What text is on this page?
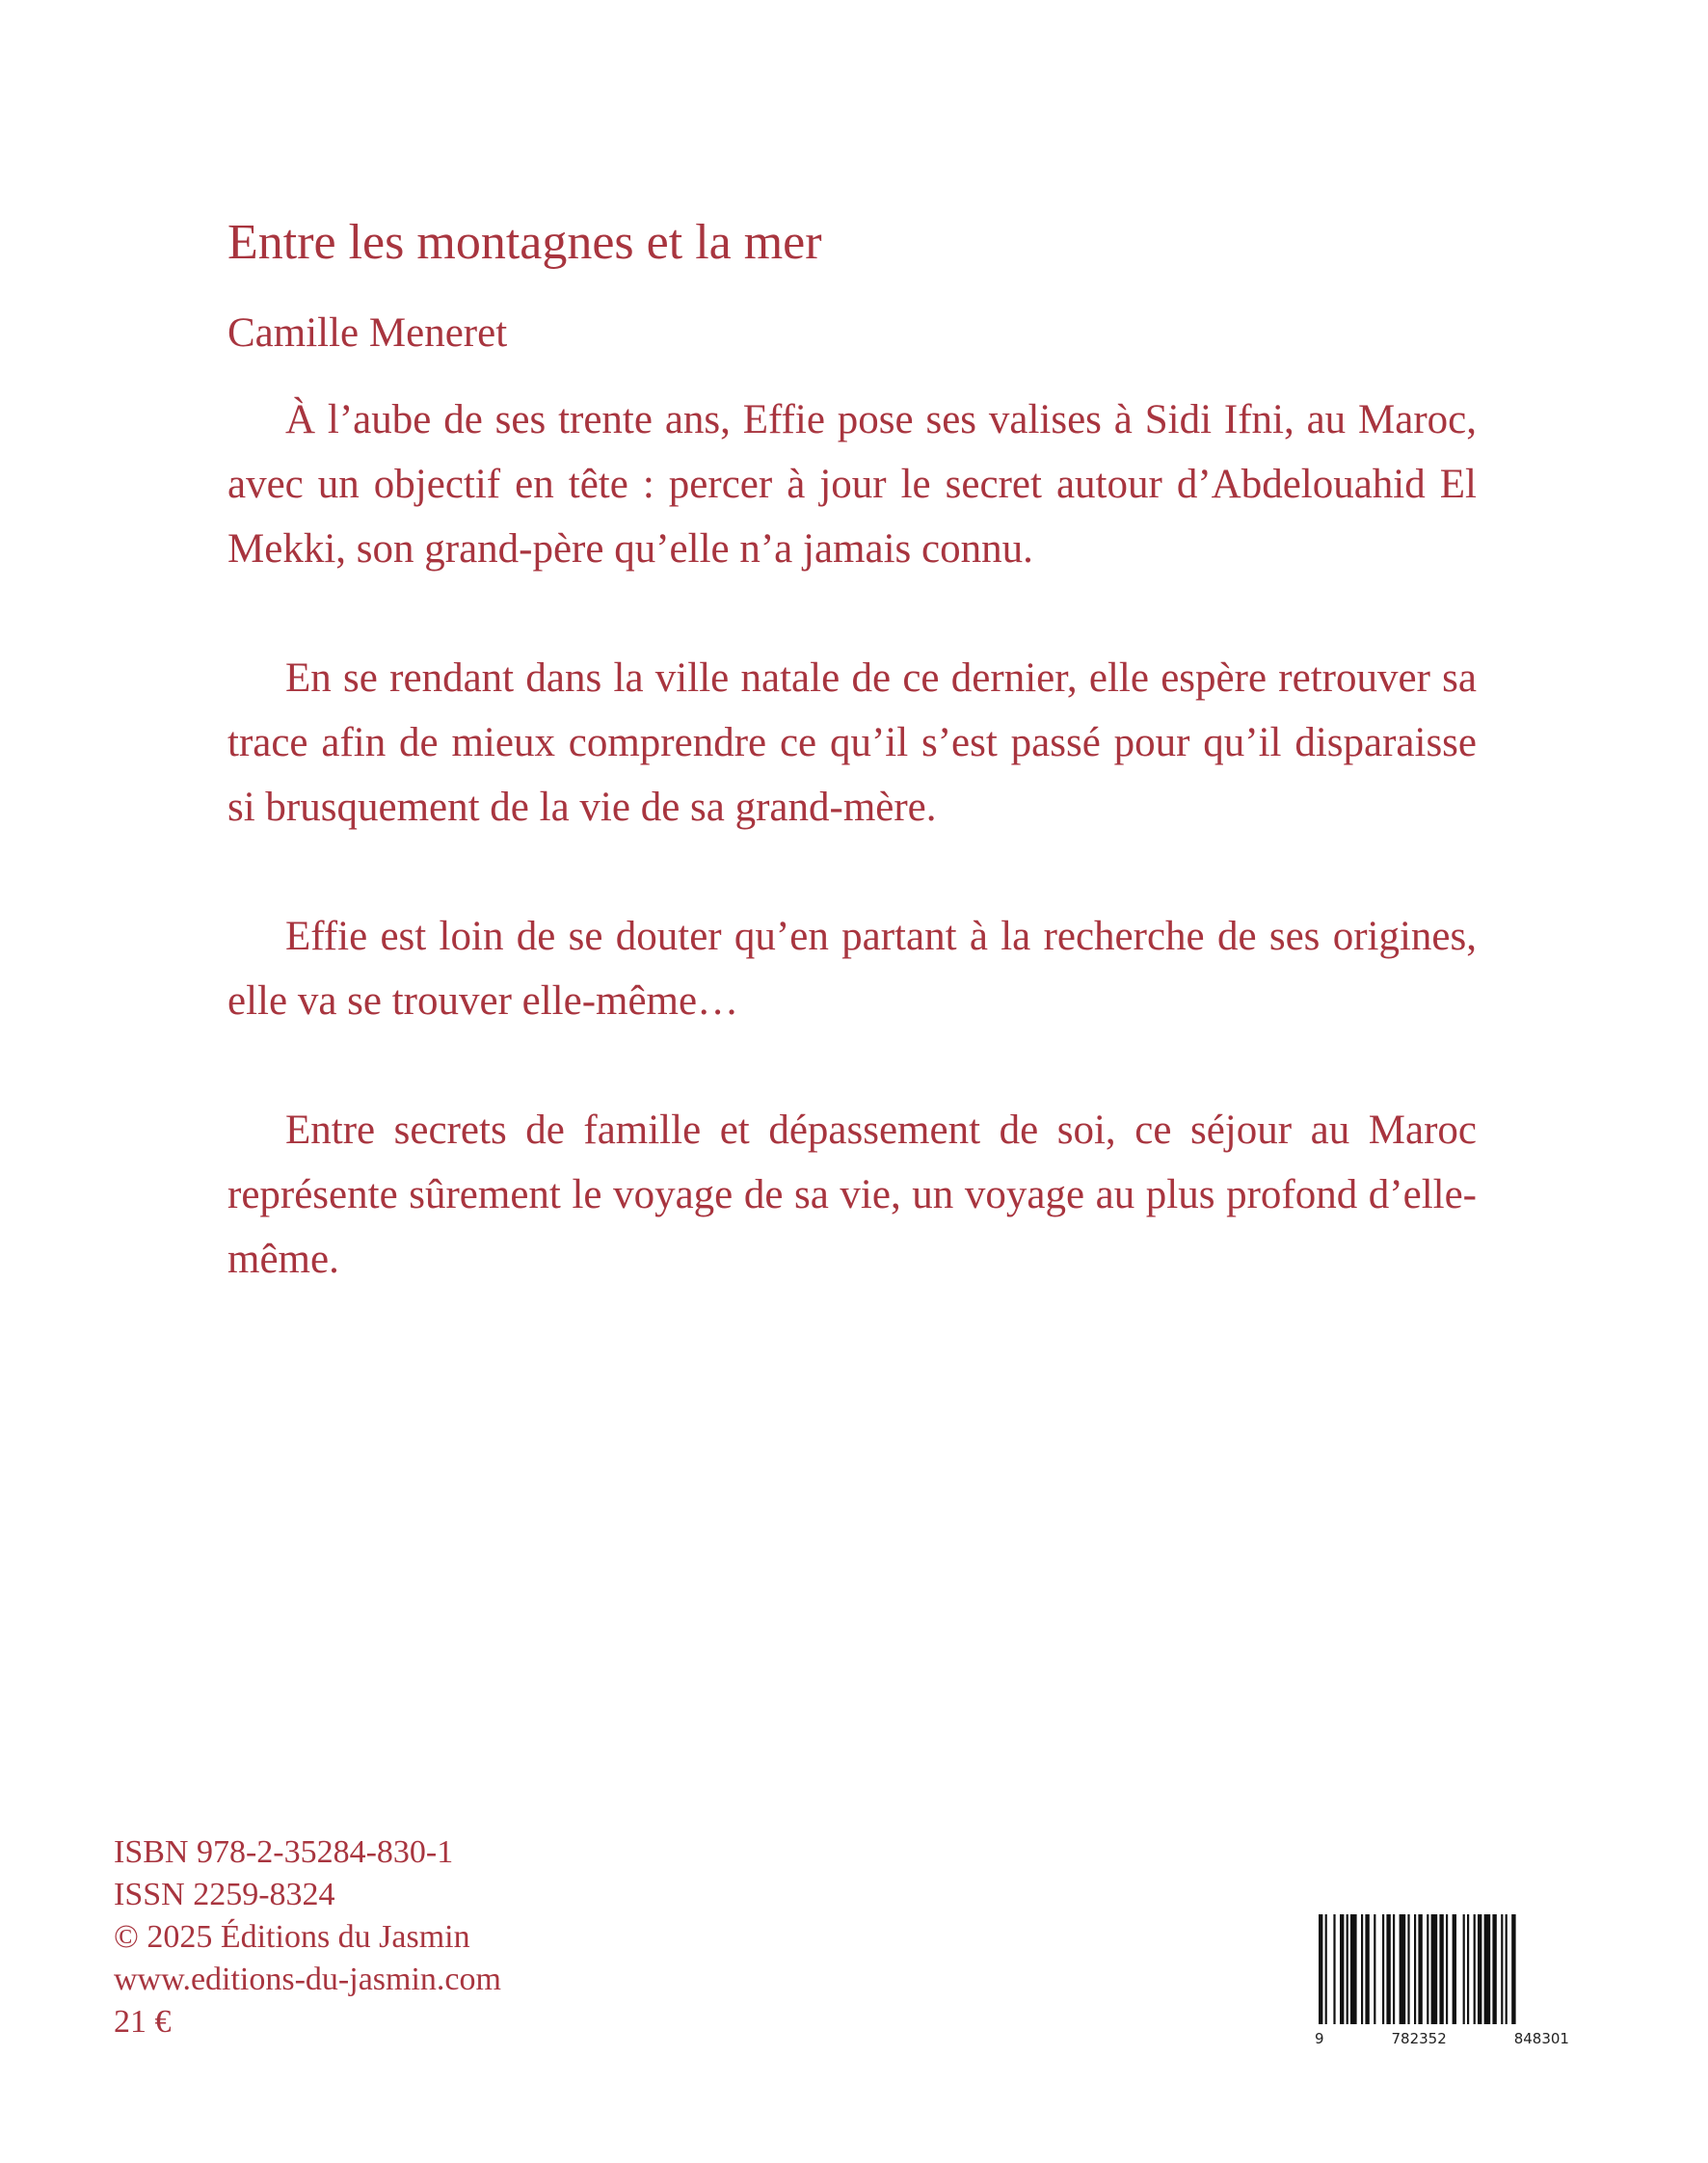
Entre les montagnes et la mer
Camille Meneret

À l’aube de ses trente ans, Effie pose ses valises à Sidi Ifni, au Maroc, avec un objectif en tête : percer à jour le secret autour d’Abdelouahid El Mekki, son grand-père qu’elle n’a jamais connu.

En se rendant dans la ville natale de ce dernier, elle espère retrouver sa trace afin de mieux comprendre ce qu’il s’est passé pour qu’il disparaisse si brusquement de la vie de sa grand-mère.

Effie est loin de se douter qu’en partant à la recherche de ses origines, elle va se trouver elle-même…

Entre secrets de famille et dépassement de soi, ce séjour au Maroc représente sûrement le voyage de sa vie, un voyage au plus profond d’elle-même.

ISBN 978-2-35284-830-1
ISSN 2259-8324
© 2025 Éditions du Jasmin
www.editions-du-jasmin.com
21 €	9	782352	848301
